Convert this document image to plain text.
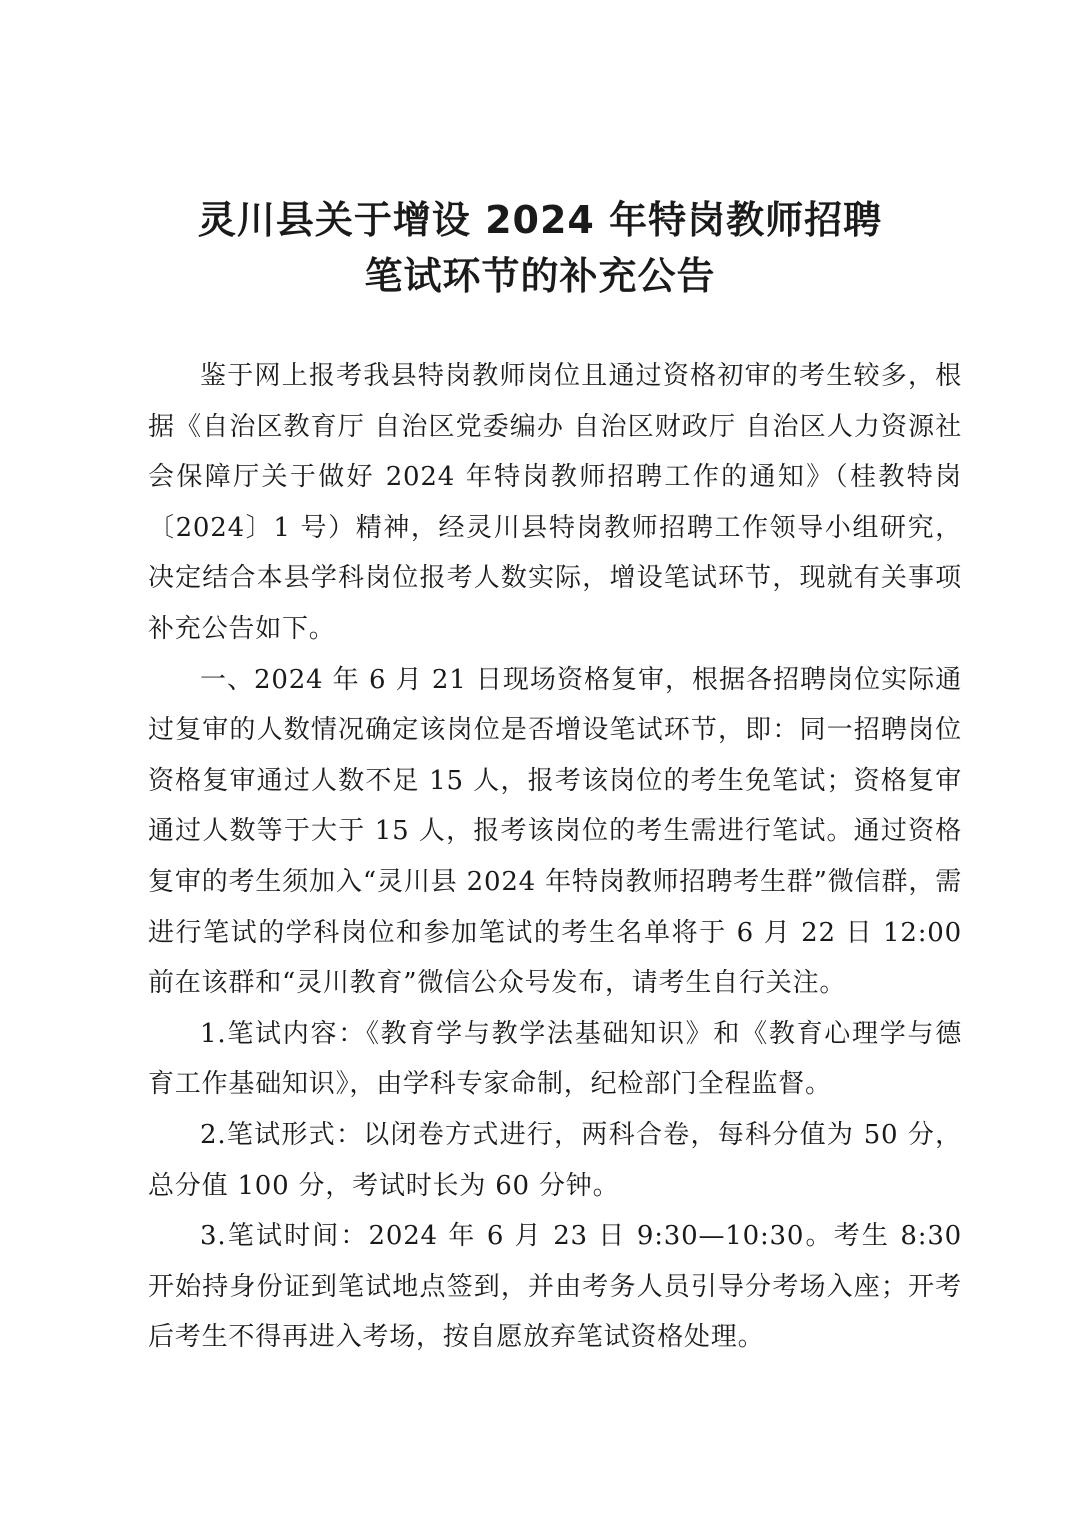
灵川县关于增设 2024 年特岗教师招聘
笔试环节的补充公告

鉴于网上报考我县特岗教师岗位且通过资格初审的考生较多，根据《自治区教育厅 自治区党委编办 自治区财政厅 自治区人力资源社会保障厅关于做好 2024 年特岗教师招聘工作的通知》（桂教特岗〔2024〕1 号）精神，经灵川县特岗教师招聘工作领导小组研究，决定结合本县学科岗位报考人数实际，增设笔试环节，现就有关事项补充公告如下。

一、2024 年 6 月 21 日现场资格复审，根据各招聘岗位实际通过复审的人数情况确定该岗位是否增设笔试环节，即：同一招聘岗位资格复审通过人数不足 15 人，报考该岗位的考生免笔试；资格复审通过人数等于大于 15 人，报考该岗位的考生需进行笔试。通过资格复审的考生须加入“灵川县 2024 年特岗教师招聘考生群”微信群，需进行笔试的学科岗位和参加笔试的考生名单将于 6 月 22 日 12:00 前在该群和“灵川教育”微信公众号发布，请考生自行关注。

1.笔试内容：《教育学与教学法基础知识》和《教育心理学与德育工作基础知识》，由学科专家命制，纪检部门全程监督。

2.笔试形式：以闭卷方式进行，两科合卷，每科分值为 50 分，总分值 100 分，考试时长为 60 分钟。

3.笔试时间：2024 年 6 月 23 日 9:30—10:30。考生 8:30 开始持身份证到笔试地点签到，并由考务人员引导分考场入座；开考后考生不得再进入考场，按自愿放弃笔试资格处理。
